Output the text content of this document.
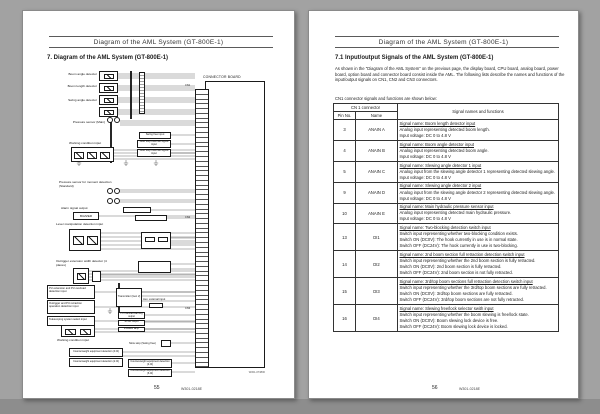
Diagram of the AML System (GT-800E-1)
7. Diagram of the AML System (GT-800E-1)
Boom angle detector
Boom length detector
Swing angle detector
Pressure sensor (Main)
Working condition input
Swing free input
Auto stop override signal input
Auto stop override signal input
Pressure sensor for moment detection (Standard)
Alarm signal output
BUZZER
Lever manipulation detection input
Outrigger extension width detector (4 places)
PU extension and PU overload detection input
Outrigger and PU retraction operation detection input
Telescoping system select input
Working condition input
Transmitter (Gen 2)
Aux. external input
PU overload warning output
Jib set output
Indicator lamp
Slow stop (Swing free)
Counterweight equipment detection (0.0t)
Counterweight equipment detection (2.0t)	Counterweight equipment detection (4.0t)
Counterweight equipment detection (6.0t)
CONNECTOR BOARD
CN1
CN2
CN3
W301-073800
55	W301-0218E
Diagram of the AML System (GT-800E-1)
7.1 Input/output Signals of the AML System (GT-800E-1)
As shown in the "Diagram of the AML System" on the previous page, the display board, CPU board, analog board, power board, option board and connector board consist inside the AML. The following lists describe the names and functions of the input/output signals on CN1, CN2 and CN3 connectors.
CN1 connector signals and functions are shown below:
CN 1 connector
Signal names and functions
Pin No.	Name
3	ANAIN A
Signal name: Boom length detector input
Analog input representing detected boom length.
Input voltage: DC 0 to 4.8 V
4	ANAIN B
Signal name: Boom angle detector input
Analog input representing detected boom angle.
Input voltage: DC 0 to 4.8 V
5	ANAIN C
Signal name: Slewing angle detector 1 input
Analog input from the slewing angle detector 1 representing detected slewing angle.
Input voltage: DC 0 to 4.8 V
9	ANAIN D
Signal name: Slewing angle detector 2 input
Analog input from the slewing angle detector 2 representing detected slewing angle.
Input voltage: DC 0 to 4.8 V
10	ANAIN E
Signal name: Main hydraulic pressure sensor input
Analog input representing detected main hydraulic pressure.
Input voltage: DC 0 to 4.8 V
13	DI1
Signal name: Two-blocking detection switch input
Switch input representing whether two-blocking condition exists.
Switch ON (DC0V): The hook currently in use is in normal state.
Switch OFF (DC24V): The hook currently in use is two-blocking.
14	DI2
Signal name: 2nd boom section full retraction detection switch input
Switch input representing whether the 2nd boom section is fully retracted.
Switch ON (DC0V): 2nd boom section is fully retracted.
Switch OFF (DC24V): 2nd boom section is not fully retracted.
15	DI3
Signal name: 3rd/top boom sections full retraction detection switch input
Switch input representing whether the 3rd/top boom sections are fully retracted.
Switch ON (DC0V): 3rd/top boom sections are fully retracted.
Switch OFF (DC24V): 3rd/top boom sections are not fully retracted.
16	DI4
Signal name: Slewing free/lock selector swith input
Switch input representing whether the boom slewing is free/lock state.
Switch ON (DC0V): Boom slewing lock device is free.
Switch OFF (DC24V): Boom slewing lock device is locked.
56	W301-0218E
